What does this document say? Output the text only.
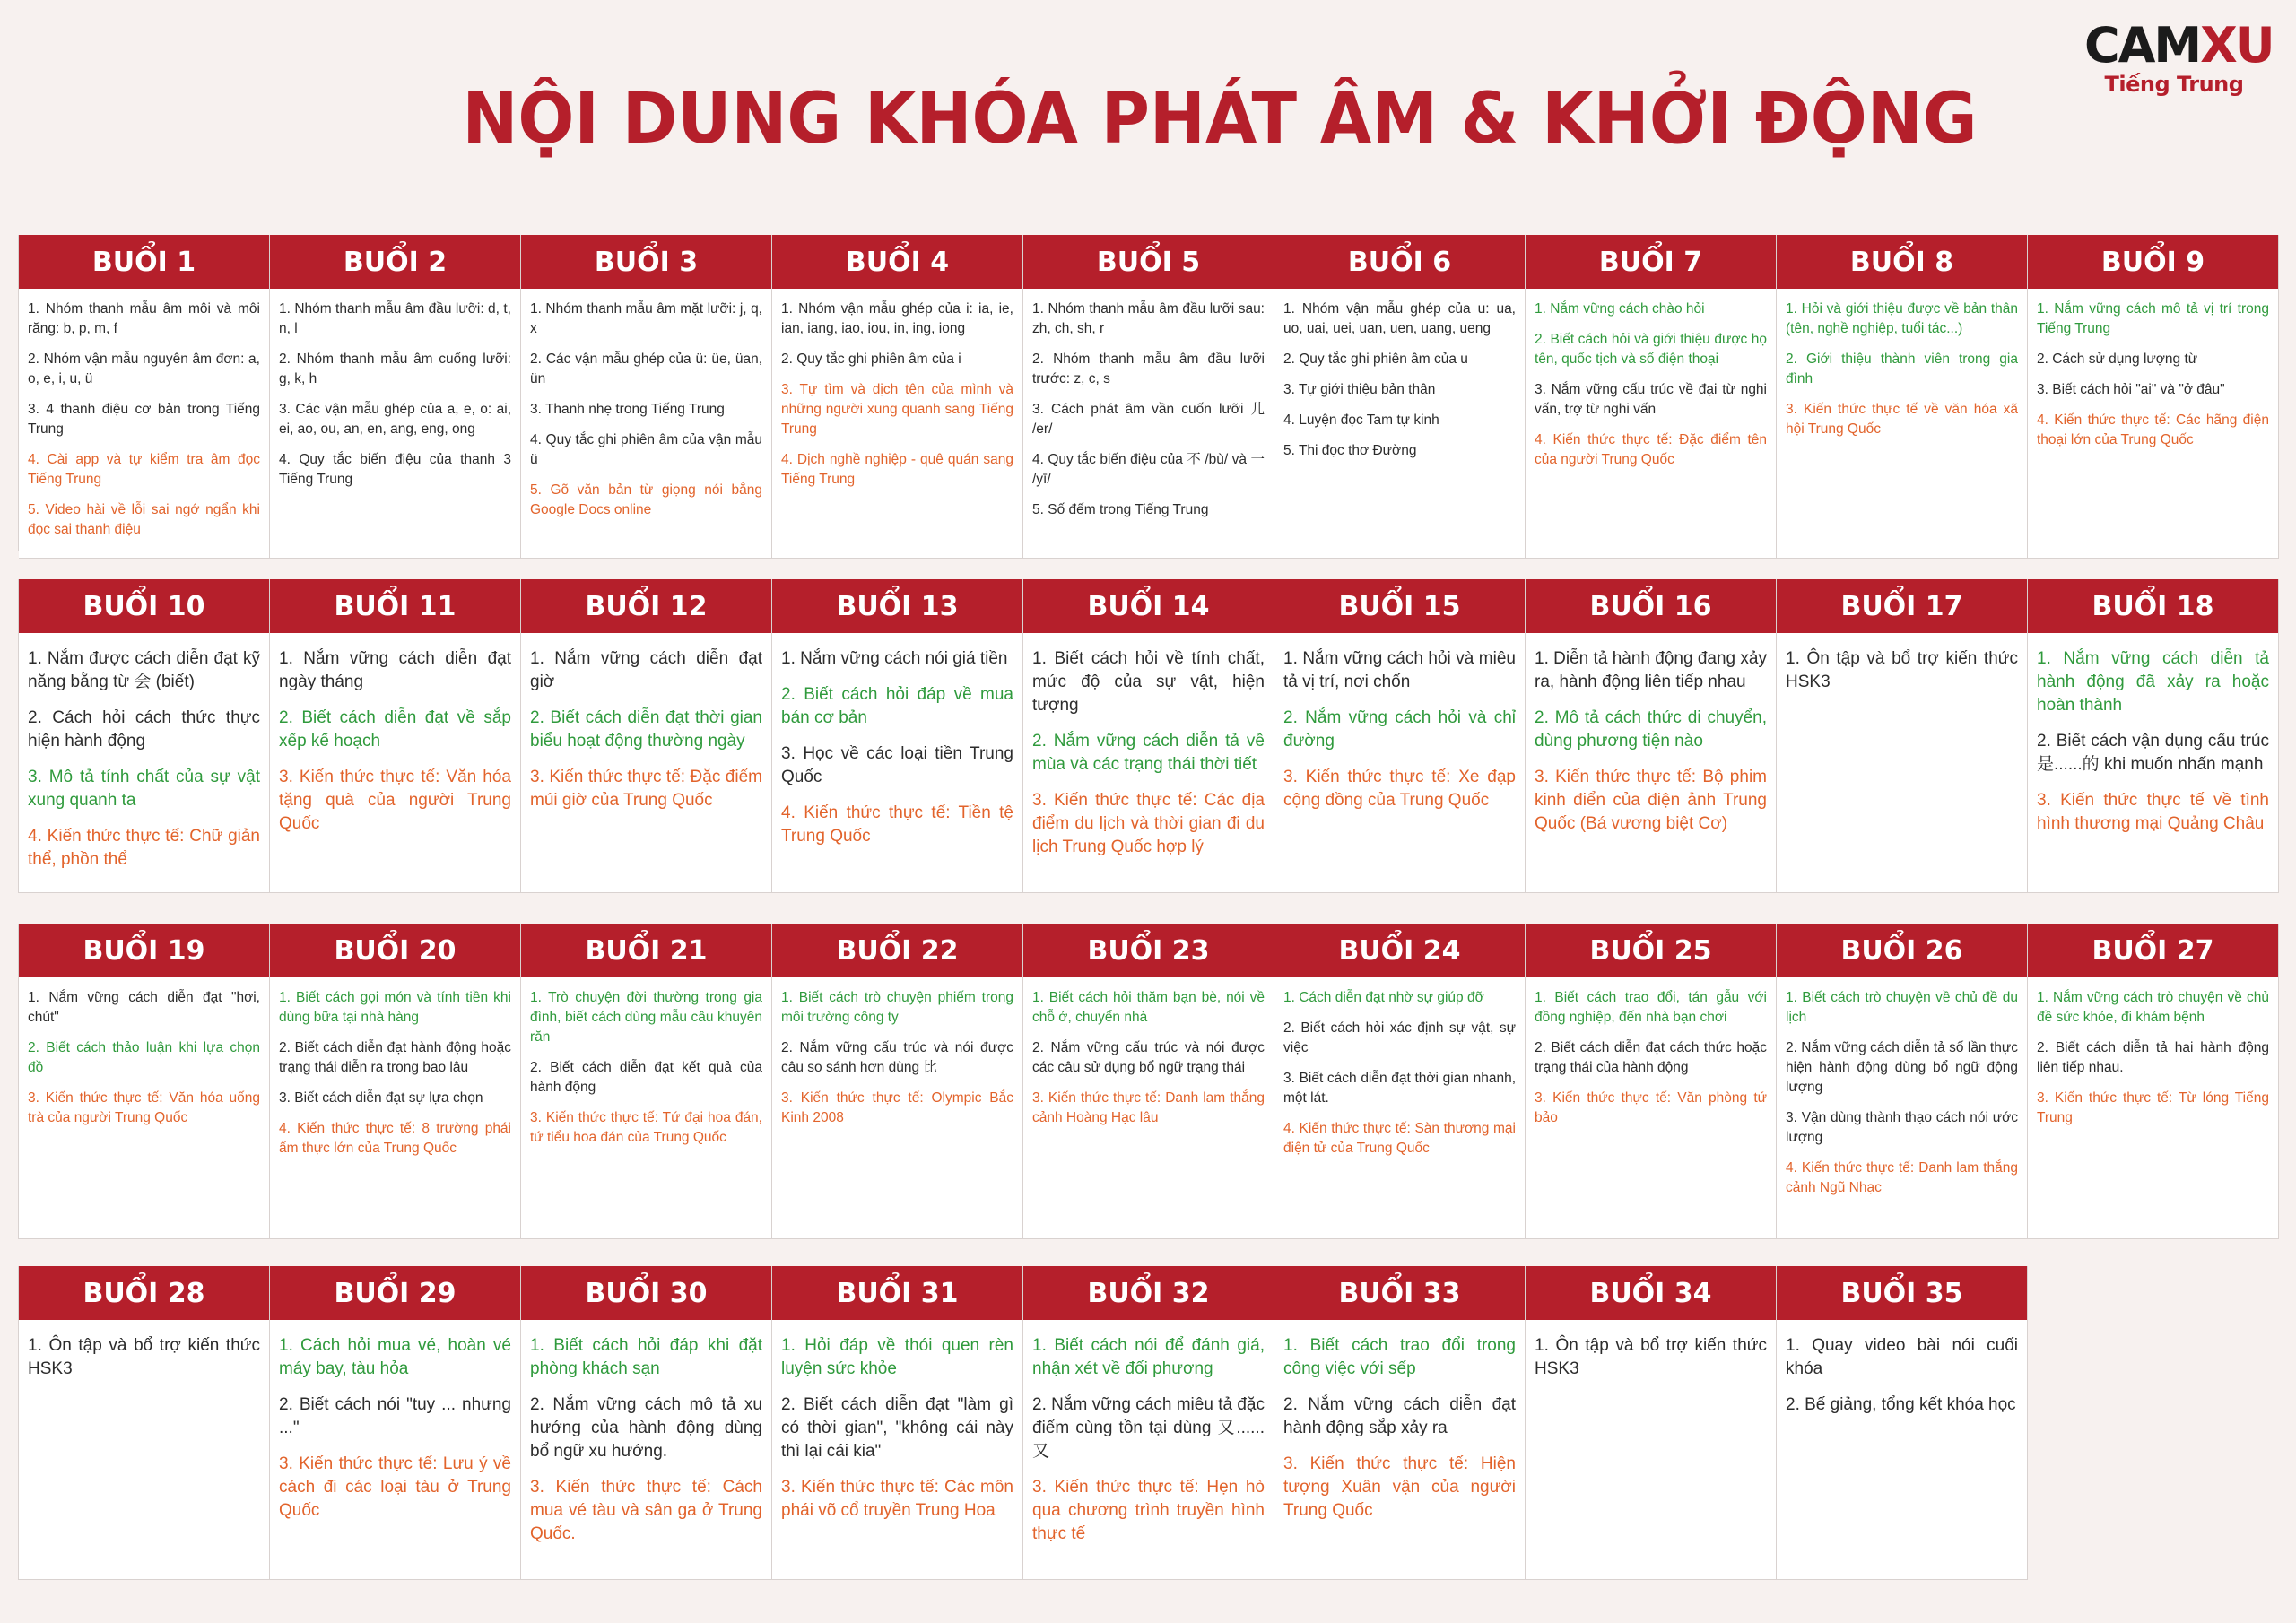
CAMXU
Tiếng Trung
NỘI DUNG KHÓA PHÁT ÂM & KHỞI ĐỘNG
BUỔI 1
1. Nhóm thanh mẫu âm môi và môi răng: b, p, m, f
2. Nhóm vận mẫu nguyên âm đơn: a, o, e, i, u, ü
3. 4 thanh điệu cơ bản trong Tiếng Trung
4. Cài app và tự kiểm tra âm đọc Tiếng Trung
5. Video hài về lỗi sai ngớ ngẩn khi đọc sai thanh điệu
BUỔI 2
1. Nhóm thanh mẫu âm đầu lưỡi: d, t, n, l
2. Nhóm thanh mẫu âm cuống lưỡi: g, k, h
3. Các vận mẫu ghép của a, e, o: ai, ei, ao, ou, an, en, ang, eng, ong
4. Quy tắc biến điệu của thanh 3 Tiếng Trung
BUỔI 3
1. Nhóm thanh mẫu âm mặt lưỡi: j, q, x
2. Các vận mẫu ghép của ü: üe, üan, ün
3. Thanh nhẹ trong Tiếng Trung
4. Quy tắc ghi phiên âm của vận mẫu ü
5. Gõ văn bản từ giọng nói bằng Google Docs online
BUỔI 4
1. Nhóm vận mẫu ghép của i: ia, ie, ian, iang, iao, iou, in, ing, iong
2. Quy tắc ghi phiên âm của i
3. Tự tìm và dịch tên của mình và những người xung quanh sang Tiếng Trung
4. Dịch nghề nghiệp - quê quán sang Tiếng Trung
BUỔI 5
1. Nhóm thanh mẫu âm đầu lưỡi sau: zh, ch, sh, r
2. Nhóm thanh mẫu âm đầu lưỡi trước: z, c, s
3. Cách phát âm vần cuốn lưỡi 儿 /er/
4. Quy tắc biến điệu của 不 /bù/ và 一 /yī/
5. Số đếm trong Tiếng Trung
BUỔI 6
1. Nhóm vận mẫu ghép của u: ua, uo, uai, uei, uan, uen, uang, ueng
2. Quy tắc ghi phiên âm của u
3. Tự giới thiệu bản thân
4. Luyện đọc Tam tự kinh
5. Thi đọc thơ Đường
BUỔI 7
1. Nắm vững cách chào hỏi
2. Biết cách hỏi và giới thiệu được họ tên, quốc tịch và số điện thoại
3. Nắm vững cấu trúc về đại từ nghi vấn, trợ từ nghi vấn
4. Kiến thức thực tế: Đặc điểm tên của người Trung Quốc
BUỔI 8
1. Hỏi và giới thiệu được về bản thân (tên, nghề nghiệp, tuổi tác...)
2. Giới thiệu thành viên trong gia đình
3. Kiến thức thực tế về văn hóa xã hội Trung Quốc
BUỔI 9
1. Nắm vững cách mô tả vị trí trong Tiếng Trung
2. Cách sử dụng lượng từ
3. Biết cách hỏi "ai" và "ở đâu"
4. Kiến thức thực tế: Các hãng điện thoại lớn của Trung Quốc
BUỔI 10
1. Nắm được cách diễn đạt kỹ năng bằng từ 会 (biết)
2. Cách hỏi cách thức thực hiện hành động
3. Mô tả tính chất của sự vật xung quanh ta
4. Kiến thức thực tế: Chữ giản thể, phồn thể
BUỔI 11
1. Nắm vững cách diễn đạt ngày tháng
2. Biết cách diễn đạt về sắp xếp kế hoạch
3. Kiến thức thực tế: Văn hóa tặng quà của người Trung Quốc
BUỔI 12
1. Nắm vững cách diễn đạt giờ
2. Biết cách diễn đạt thời gian biểu hoạt động thường ngày
3. Kiến thức thực tế: Đặc điểm múi giờ của Trung Quốc
BUỔI 13
1. Nắm vững cách nói giá tiền
2. Biết cách hỏi đáp về mua bán cơ bản
3. Học về các loại tiền Trung Quốc
4. Kiến thức thực tế: Tiền tệ Trung Quốc
BUỔI 14
1. Biết cách hỏi về tính chất, mức độ của sự vật, hiện tượng
2. Nắm vững cách diễn tả về mùa và các trạng thái thời tiết
3. Kiến thức thực tế: Các địa điểm du lịch và thời gian đi du lịch Trung Quốc hợp lý
BUỔI 15
1. Nắm vững cách hỏi và miêu tả vị trí, nơi chốn
2. Nắm vững cách hỏi và chỉ đường
3. Kiến thức thực tế: Xe đạp cộng đồng của Trung Quốc
BUỔI 16
1. Diễn tả hành động đang xảy ra, hành động liên tiếp nhau
2. Mô tả cách thức di chuyển, dùng phương tiện nào
3. Kiến thức thực tế: Bộ phim kinh điển của điện ảnh Trung Quốc (Bá vương biệt Cơ)
BUỔI 17
1. Ôn tập và bổ trợ kiến thức HSK3
BUỔI 18
1. Nắm vững cách diễn tả hành động đã xảy ra hoặc hoàn thành
2. Biết cách vận dụng cấu trúc 是......的 khi muốn nhấn mạnh
3. Kiến thức thực tế về tình hình thương mại Quảng Châu
BUỔI 19
1. Nắm vững cách diễn đạt "hơi, chút"
2. Biết cách thảo luận khi lựa chọn đồ
3. Kiến thức thực tế: Văn hóa uống trà của người Trung Quốc
BUỔI 20
1. Biết cách gọi món và tính tiền khi dùng bữa tại nhà hàng
2. Biết cách diễn đạt hành động hoặc trạng thái diễn ra trong bao lâu
3. Biết cách diễn đạt sự lựa chọn
4. Kiến thức thực tế: 8 trường phái ẩm thực lớn của Trung Quốc
BUỔI 21
1. Trò chuyện đời thường trong gia đình, biết cách dùng mẫu câu khuyên răn
2. Biết cách diễn đạt kết quả của hành động
3. Kiến thức thực tế: Tứ đại hoa đán, tứ tiểu hoa đán của Trung Quốc
BUỔI 22
1. Biết cách trò chuyện phiếm trong môi trường công ty
2. Nắm vững cấu trúc và nói được câu so sánh hơn dùng 比
3. Kiến thức thực tế: Olympic Bắc Kinh 2008
BUỔI 23
1. Biết cách hỏi thăm bạn bè, nói về chỗ ở, chuyển nhà
2. Nắm vững cấu trúc và nói được các câu sử dụng bổ ngữ trạng thái
3. Kiến thức thực tế: Danh lam thắng cảnh Hoàng Hạc lâu
BUỔI 24
1. Cách diễn đạt nhờ sự giúp đỡ
2. Biết cách hỏi xác định sự vật, sự việc
3. Biết cách diễn đạt thời gian nhanh, một lát.
4. Kiến thức thực tế: Sàn thương mại điện tử của Trung Quốc
BUỔI 25
1. Biết cách trao đổi, tán gẫu với đồng nghiệp, đến nhà bạn chơi
2. Biết cách diễn đạt cách thức hoặc trạng thái của hành động
3. Kiến thức thực tế: Văn phòng tứ bảo
BUỔI 26
1. Biết cách trò chuyện về chủ đề du lịch
2. Nắm vững cách diễn tả số lần thực hiện hành động dùng bổ ngữ động lượng
3. Vận dùng thành thạo cách nói ước lượng
4. Kiến thức thực tế: Danh lam thắng cảnh Ngũ Nhạc
BUỔI 27
1. Nắm vững cách trò chuyện về chủ đề sức khỏe, đi khám bệnh
2. Biết cách diễn tả hai hành động liên tiếp nhau.
3. Kiến thức thực tế: Từ lóng Tiếng Trung
BUỔI 28
1. Ôn tập và bổ trợ kiến thức HSK3
BUỔI 29
1. Cách hỏi mua vé, hoàn vé máy bay, tàu hỏa
2. Biết cách nói "tuy ... nhưng ..."
3. Kiến thức thực tế: Lưu ý về cách đi các loại tàu ở Trung Quốc
BUỔI 30
1. Biết cách hỏi đáp khi đặt phòng khách sạn
2. Nắm vững cách mô tả xu hướng của hành động dùng bổ ngữ xu hướng.
3. Kiến thức thực tế: Cách mua vé tàu và sân ga ở Trung Quốc.
BUỔI 31
1. Hỏi đáp về thói quen rèn luyện sức khỏe
2. Biết cách diễn đạt "làm gì có thời gian", "không cái này thì lại cái kia"
3. Kiến thức thực tế: Các môn phái võ cổ truyền Trung Hoa
BUỔI 32
1. Biết cách nói để đánh giá, nhận xét về đối phương
2. Nắm vững cách miêu tả đặc điểm cùng tồn tại dùng 又...... 又
3. Kiến thức thực tế: Hẹn hò qua chương trình truyền hình thực tế
BUỔI 33
1. Biết cách trao đổi trong công việc với sếp
2. Nắm vững cách diễn đạt hành động sắp xảy ra
3. Kiến thức thực tế: Hiện tượng Xuân vận của người Trung Quốc
BUỔI 34
1. Ôn tập và bổ trợ kiến thức HSK3
BUỔI 35
1. Quay video bài nói cuối khóa
2. Bế giảng, tổng kết khóa học
